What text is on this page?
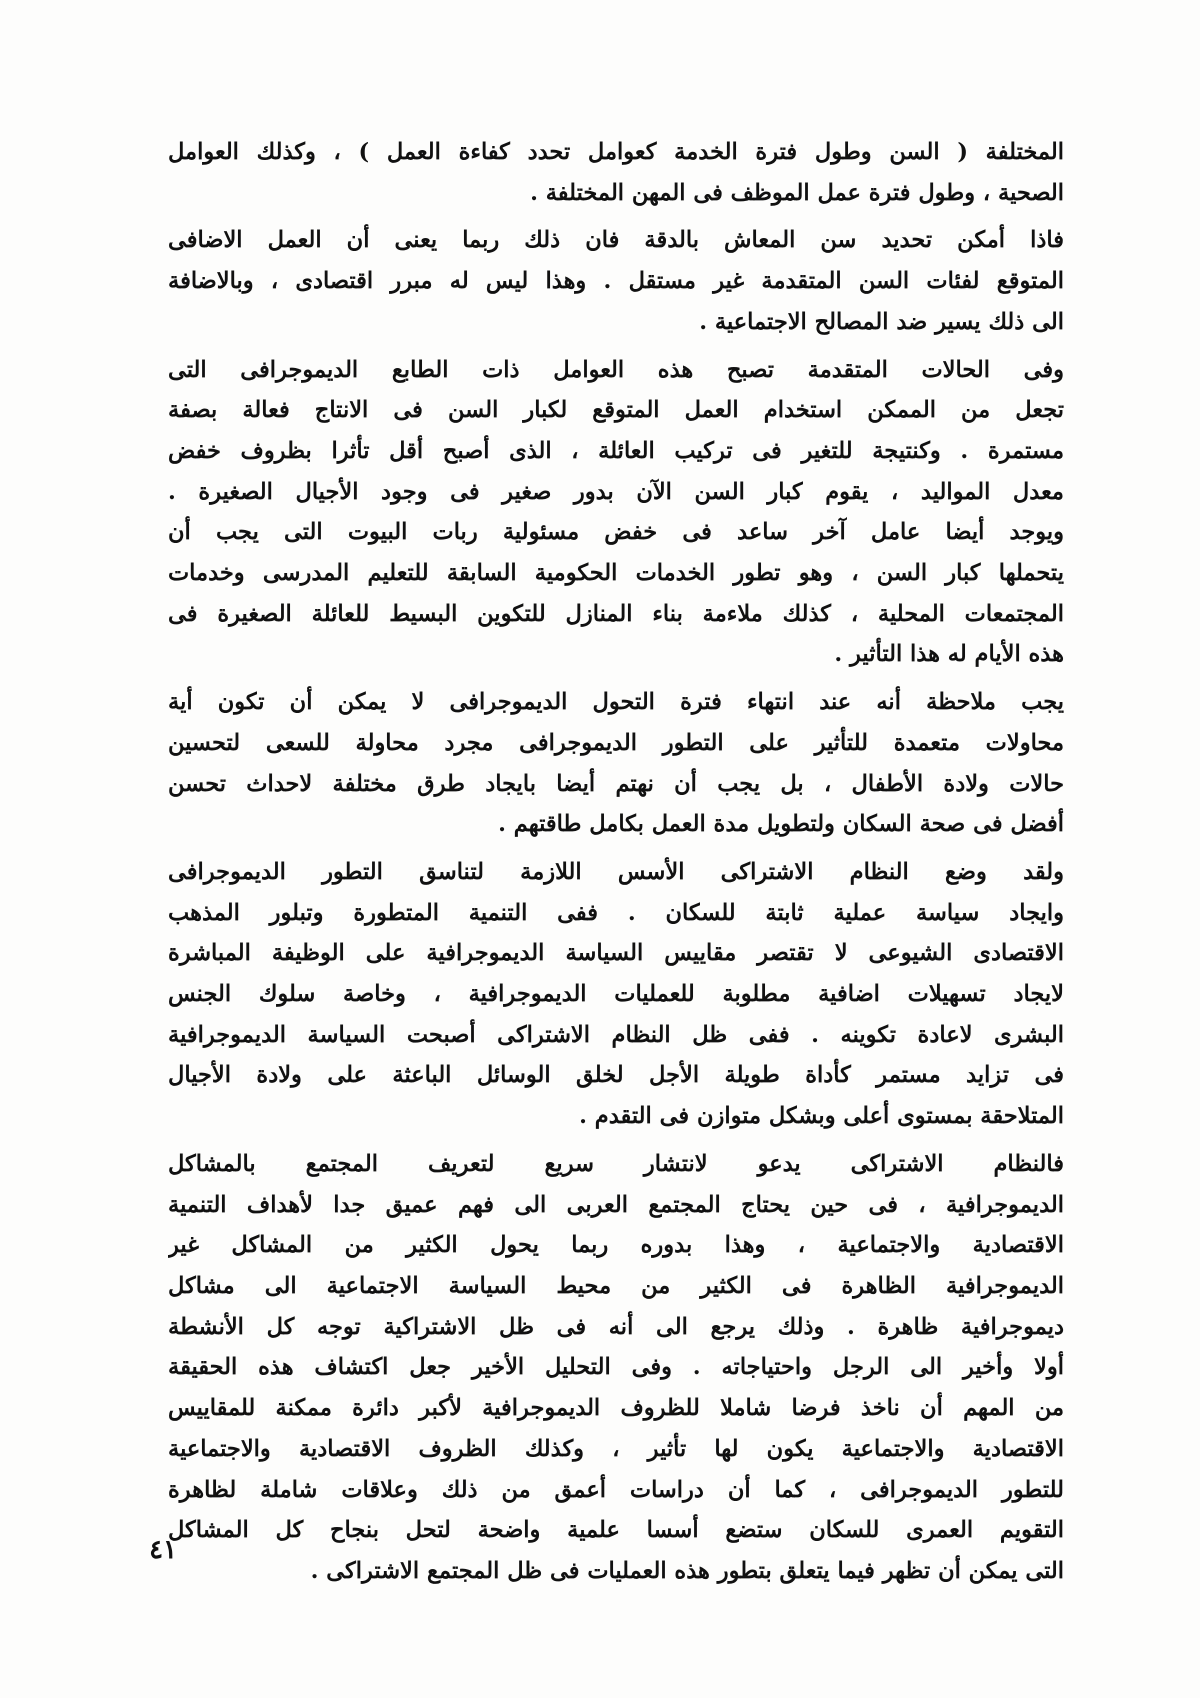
المختلفة ( السن وطول فترة الخدمة كعوامل تحدد كفاءة العمل ) ، وكذلك العوامل
الصحية ، وطول فترة عمل الموظف فى المهن المختلفة .
فاذا أمكن تحديد سن المعاش بالدقة فان ذلك ربما يعنى أن العمل الاضافى
المتوقع لفئات السن المتقدمة غير مستقل . وهذا ليس له مبرر اقتصادى ، وبالاضافة
الى ذلك يسير ضد المصالح الاجتماعية .
وفى الحالات المتقدمة تصبح هذه العوامل ذات الطابع الديموجرافى التى
تجعل من الممكن استخدام العمل المتوقع لكبار السن فى الانتاج فعالة بصفة
مستمرة . وكنتيجة للتغير فى تركيب العائلة ، الذى أصبح أقل تأثرا بظروف خفض
معدل المواليد ، يقوم كبار السن الآن بدور صغير فى وجود الأجيال الصغيرة .
ويوجد أيضا عامل آخر ساعد فى خفض مسئولية ربات البيوت التى يجب أن
يتحملها كبار السن ، وهو تطور الخدمات الحكومية السابقة للتعليم المدرسى وخدمات
المجتمعات المحلية ، كذلك ملاءمة بناء المنازل للتكوين البسيط للعائلة الصغيرة فى
هذه الأيام له هذا التأثير .
يجب ملاحظة أنه عند انتهاء فترة التحول الديموجرافى لا يمكن أن تكون أية
محاولات متعمدة للتأثير على التطور الديموجرافى مجرد محاولة للسعى لتحسين
حالات ولادة الأطفال ، بل يجب أن نهتم أيضا بايجاد طرق مختلفة لاحداث تحسن
أفضل فى صحة السكان ولتطويل مدة العمل بكامل طاقتهم .
ولقد وضع النظام الاشتراكى الأسس اللازمة لتناسق التطور الديموجرافى
وايجاد سياسة عملية ثابتة للسكان . ففى التنمية المتطورة وتبلور المذهب
الاقتصادى الشيوعى لا تقتصر مقاييس السياسة الديموجرافية على الوظيفة المباشرة
لايجاد تسهيلات اضافية مطلوبة للعمليات الديموجرافية ، وخاصة سلوك الجنس
البشرى لاعادة تكوينه . ففى ظل النظام الاشتراكى أصبحت السياسة الديموجرافية
فى تزايد مستمر كأداة طويلة الأجل لخلق الوسائل الباعثة على ولادة الأجيال
المتلاحقة بمستوى أعلى وبشكل متوازن فى التقدم .
فالنظام الاشتراكى يدعو لانتشار سريع لتعريف المجتمع بالمشاكل
الديموجرافية ، فى حين يحتاج المجتمع العربى الى فهم عميق جدا لأهداف التنمية
الاقتصادية والاجتماعية ، وهذا بدوره ربما يحول الكثير من المشاكل غير
الديموجرافية الظاهرة فى الكثير من محيط السياسة الاجتماعية الى مشاكل
ديموجرافية ظاهرة . وذلك يرجع الى أنه فى ظل الاشتراكية توجه كل الأنشطة
أولا وأخير الى الرجل واحتياجاته . وفى التحليل الأخير جعل اكتشاف هذه الحقيقة
من المهم أن ناخذ فرضا شاملا للظروف الديموجرافية لأكبر دائرة ممكنة للمقاييس
الاقتصادية والاجتماعية يكون لها تأثير ، وكذلك الظروف الاقتصادية والاجتماعية
للتطور الديموجرافى ، كما أن دراسات أعمق من ذلك وعلاقات شاملة لظاهرة
التقويم العمرى للسكان ستضع أسسا علمية واضحة لتحل بنجاح كل المشاكل
التى يمكن أن تظهر فيما يتعلق بتطور هذه العمليات فى ظل المجتمع الاشتراكى .
٤١
